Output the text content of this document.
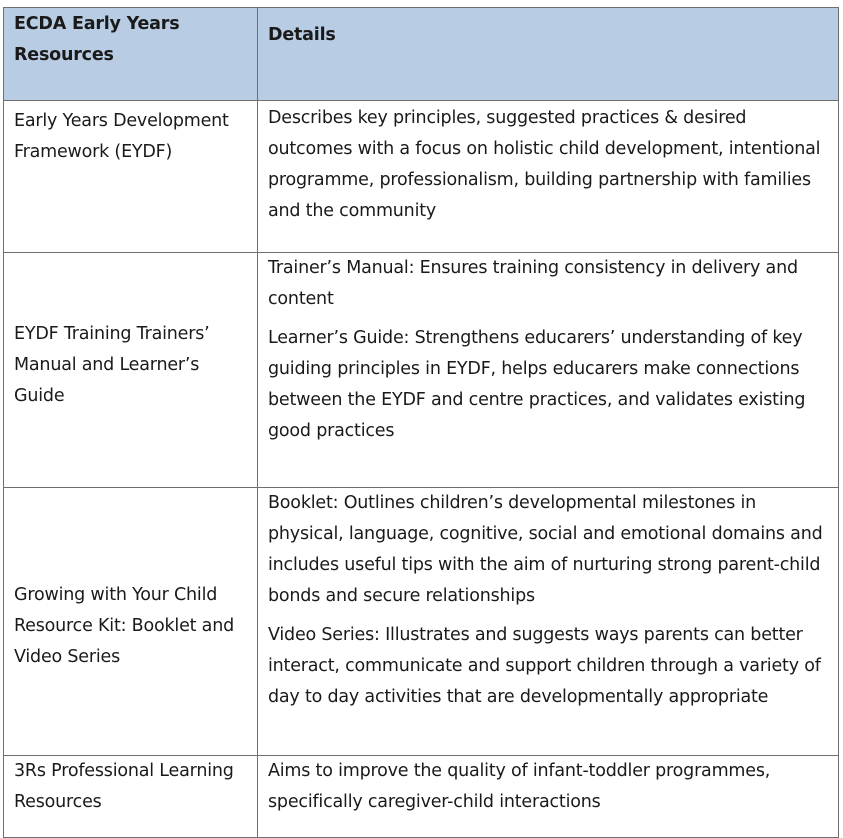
ECDA Early Years Resources	Details
Early Years Development Framework (EYDF)	Describes key principles, suggested practices & desired outcomes with a focus on holistic child development, intentional programme, professionalism, building partnership with families and the community

EYDF Training Trainers’ Manual and Learner’s Guide	Trainer’s Manual: Ensures training consistency in delivery and content

Learner’s Guide: Strengthens educarers’ understanding of key guiding principles in EYDF, helps educarers make connections between the EYDF and centre practices, and validates existing good practices

Growing with Your Child Resource Kit: Booklet and Video Series	Booklet: Outlines children’s developmental milestones in physical, language, cognitive, social and emotional domains and includes useful tips with the aim of nurturing strong parent-child bonds and secure relationships

Video Series: Illustrates and suggests ways parents can better interact, communicate and support children through a variety of day to day activities that are developmentally appropriate

3Rs Professional Learning Resources	Aims to improve the quality of infant-toddler programmes, specifically caregiver-child interactions
